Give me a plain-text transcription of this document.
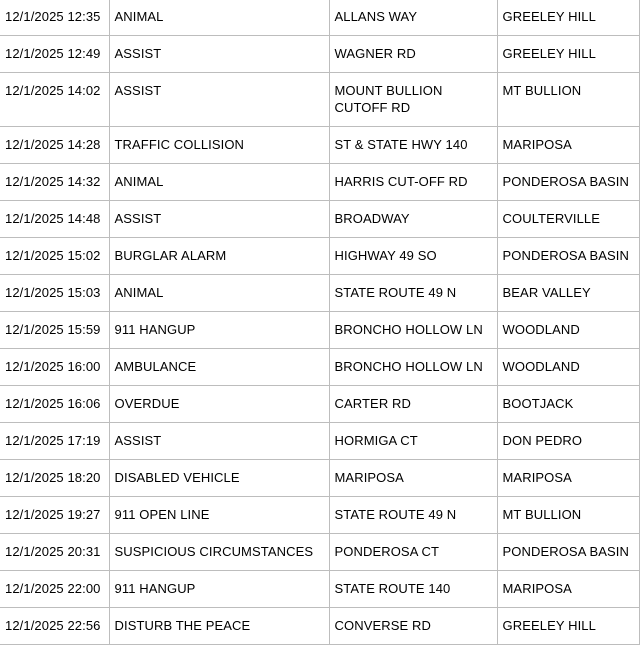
12/1/2025 12:35	ANIMAL	ALLANS WAY	GREELEY HILL
12/1/2025 12:49	ASSIST	WAGNER RD	GREELEY HILL
12/1/2025 14:02	ASSIST	MOUNT BULLION CUTOFF RD	MT BULLION
12/1/2025 14:28	TRAFFIC COLLISION	ST & STATE HWY 140	MARIPOSA
12/1/2025 14:32	ANIMAL	HARRIS CUT-OFF RD	PONDEROSA BASIN
12/1/2025 14:48	ASSIST	BROADWAY	COULTERVILLE
12/1/2025 15:02	BURGLAR ALARM	HIGHWAY 49 SO	PONDEROSA BASIN
12/1/2025 15:03	ANIMAL	STATE ROUTE 49 N	BEAR VALLEY
12/1/2025 15:59	911 HANGUP	BRONCHO HOLLOW LN	WOODLAND
12/1/2025 16:00	AMBULANCE	BRONCHO HOLLOW LN	WOODLAND
12/1/2025 16:06	OVERDUE	CARTER RD	BOOTJACK
12/1/2025 17:19	ASSIST	HORMIGA CT	DON PEDRO
12/1/2025 18:20	DISABLED VEHICLE	MARIPOSA	MARIPOSA
12/1/2025 19:27	911 OPEN LINE	STATE ROUTE 49 N	MT BULLION
12/1/2025 20:31	SUSPICIOUS CIRCUMSTANCES	PONDEROSA CT	PONDEROSA BASIN
12/1/2025 22:00	911 HANGUP	STATE ROUTE 140	MARIPOSA
12/1/2025 22:56	DISTURB THE PEACE	CONVERSE RD	GREELEY HILL
